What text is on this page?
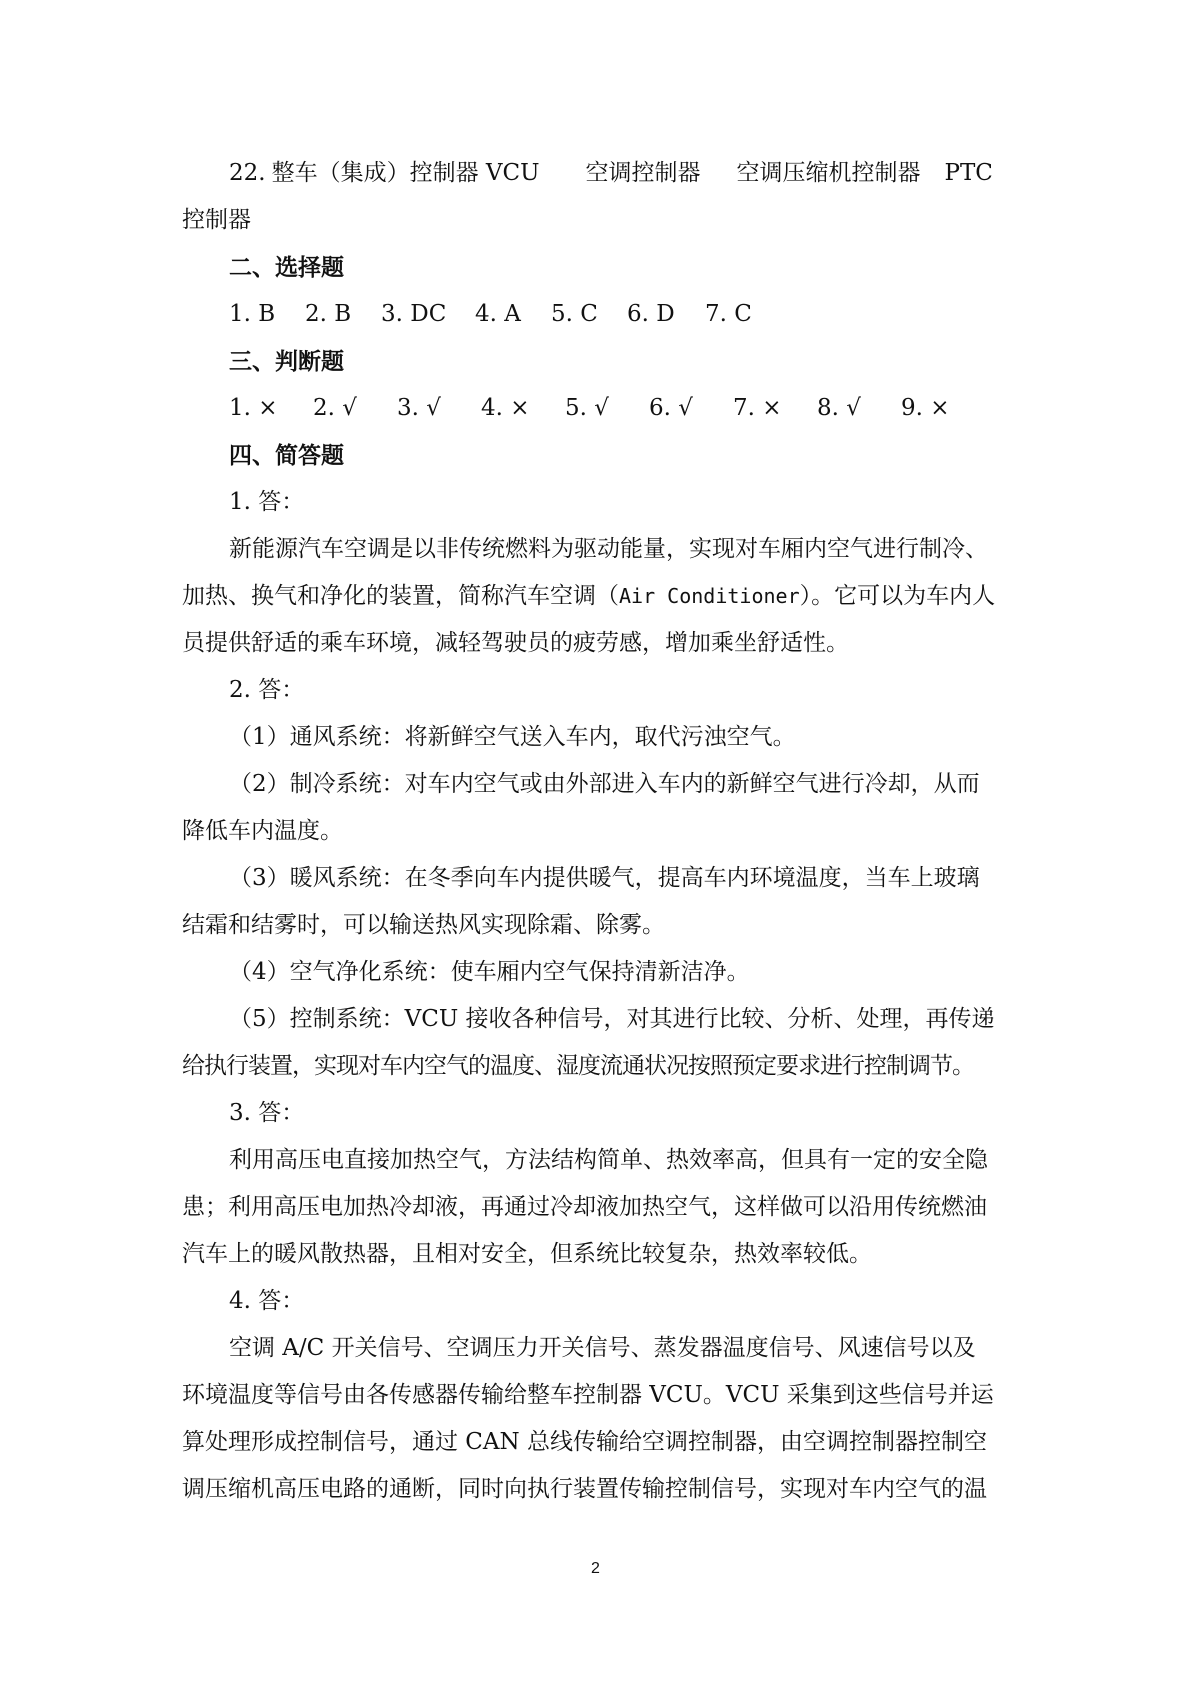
22. 整车（集成）控制器 VCU 空调控制器 空调压缩机控制器 PTC
控制器
二、选择题
1. B 2. B 3. DC 4. A 5. C 6. D 7. C
三、判断题
1. × 2. √ 3. √ 4. × 5. √ 6. √ 7. × 8. √ 9. ×
四、简答题
1. 答：
新能源汽车空调是以非传统燃料为驱动能量，实现对车厢内空气进行制冷、
加热、换气和净化的装置，简称汽车空调（Air Conditioner）。它可以为车内人
员提供舒适的乘车环境，减轻驾驶员的疲劳感，增加乘坐舒适性。
2. 答：
（1）通风系统：将新鲜空气送入车内，取代污浊空气。
（2）制冷系统：对车内空气或由外部进入车内的新鲜空气进行冷却，从而
降低车内温度。
（3）暖风系统：在冬季向车内提供暖气，提高车内环境温度，当车上玻璃
结霜和结雾时，可以输送热风实现除霜、除雾。
（4）空气净化系统：使车厢内空气保持清新洁净。
（5）控制系统：VCU 接收各种信号，对其进行比较、分析、处理，再传递
给执行装置，实现对车内空气的温度、湿度流通状况按照预定要求进行控制调节。
3. 答：
利用高压电直接加热空气，方法结构简单、热效率高，但具有一定的安全隐
患；利用高压电加热冷却液，再通过冷却液加热空气，这样做可以沿用传统燃油
汽车上的暖风散热器，且相对安全，但系统比较复杂，热效率较低。
4. 答：
空调 A/C 开关信号、空调压力开关信号、蒸发器温度信号、风速信号以及
环境温度等信号由各传感器传输给整车控制器 VCU。VCU 采集到这些信号并运
算处理形成控制信号，通过 CAN 总线传输给空调控制器，由空调控制器控制空
调压缩机高压电路的通断，同时向执行装置传输控制信号，实现对车内空气的温
2
